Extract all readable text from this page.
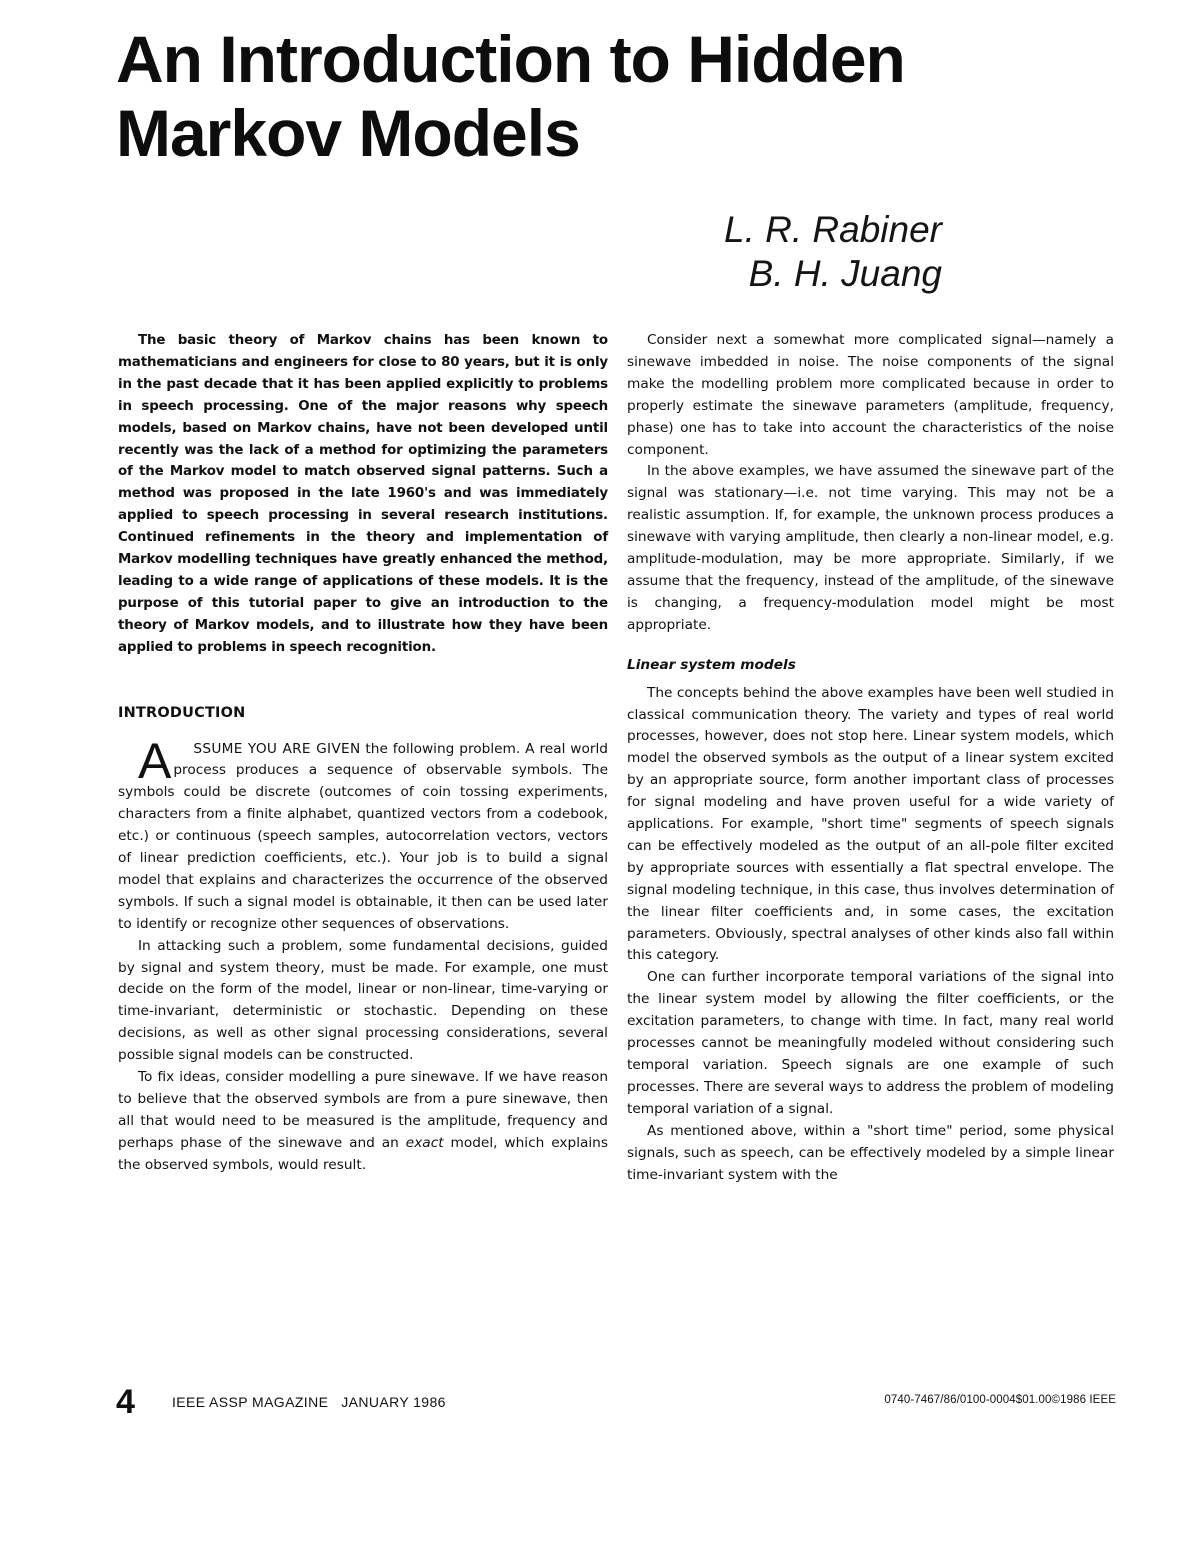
An Introduction to Hidden Markov Models
L. R. Rabiner
B. H. Juang

The basic theory of Markov chains has been known to mathematicians and engineers for close to 80 years, but it is only in the past decade that it has been applied explicitly to problems in speech processing. One of the major reasons why speech models, based on Markov chains, have not been developed until recently was the lack of a method for optimizing the parameters of the Markov model to match observed signal patterns. Such a method was proposed in the late 1960's and was immediately applied to speech processing in several research institutions. Continued refinements in the theory and implementation of Markov modelling techniques have greatly enhanced the method, leading to a wide range of applications of these models. It is the purpose of this tutorial paper to give an introduction to the theory of Markov models, and to illustrate how they have been applied to problems in speech recognition.

INTRODUCTION

A SSUME YOU ARE GIVEN the following problem. A real world process produces a sequence of observable symbols. The symbols could be discrete (outcomes of coin tossing experiments, characters from a finite alphabet, quantized vectors from a codebook, etc.) or continuous (speech samples, autocorrelation vectors, vectors of linear prediction coefficients, etc.). Your job is to build a signal model that explains and characterizes the occurrence of the observed symbols. If such a signal model is obtainable, it then can be used later to identify or recognize other sequences of observations.

In attacking such a problem, some fundamental decisions, guided by signal and system theory, must be made. For example, one must decide on the form of the model, linear or non-linear, time-varying or time-invariant, deterministic or stochastic. Depending on these decisions, as well as other signal processing considerations, several possible signal models can be constructed.

To fix ideas, consider modelling a pure sinewave. If we have reason to believe that the observed symbols are from a pure sinewave, then all that would need to be measured is the amplitude, frequency and perhaps phase of the sinewave and an exact model, which explains the observed symbols, would result.

Consider next a somewhat more complicated signal—namely a sinewave imbedded in noise. The noise components of the signal make the modelling problem more complicated because in order to properly estimate the sinewave parameters (amplitude, frequency, phase) one has to take into account the characteristics of the noise component.

In the above examples, we have assumed the sinewave part of the signal was stationary—i.e. not time varying. This may not be a realistic assumption. If, for example, the unknown process produces a sinewave with varying amplitude, then clearly a non-linear model, e.g. amplitude-modulation, may be more appropriate. Similarly, if we assume that the frequency, instead of the amplitude, of the sinewave is changing, a frequency-modulation model might be most appropriate.

Linear system models

The concepts behind the above examples have been well studied in classical communication theory. The variety and types of real world processes, however, does not stop here. Linear system models, which model the observed symbols as the output of a linear system excited by an appropriate source, form another important class of processes for signal modeling and have proven useful for a wide variety of applications. For example, "short time" segments of speech signals can be effectively modeled as the output of an all-pole filter excited by appropriate sources with essentially a flat spectral envelope. The signal modeling technique, in this case, thus involves determination of the linear filter coefficients and, in some cases, the excitation parameters. Obviously, spectral analyses of other kinds also fall within this category.

One can further incorporate temporal variations of the signal into the linear system model by allowing the filter coefficients, or the excitation parameters, to change with time. In fact, many real world processes cannot be meaningfully modeled without considering such temporal variation. Speech signals are one example of such processes. There are several ways to address the problem of modeling temporal variation of a signal.

As mentioned above, within a "short time" period, some physical signals, such as speech, can be effectively modeled by a simple linear time-invariant system with the

4	IEEE ASSP MAGAZINE   JANUARY 1986	0740-7467/86/0100-0004$01.00©1986 IEEE
